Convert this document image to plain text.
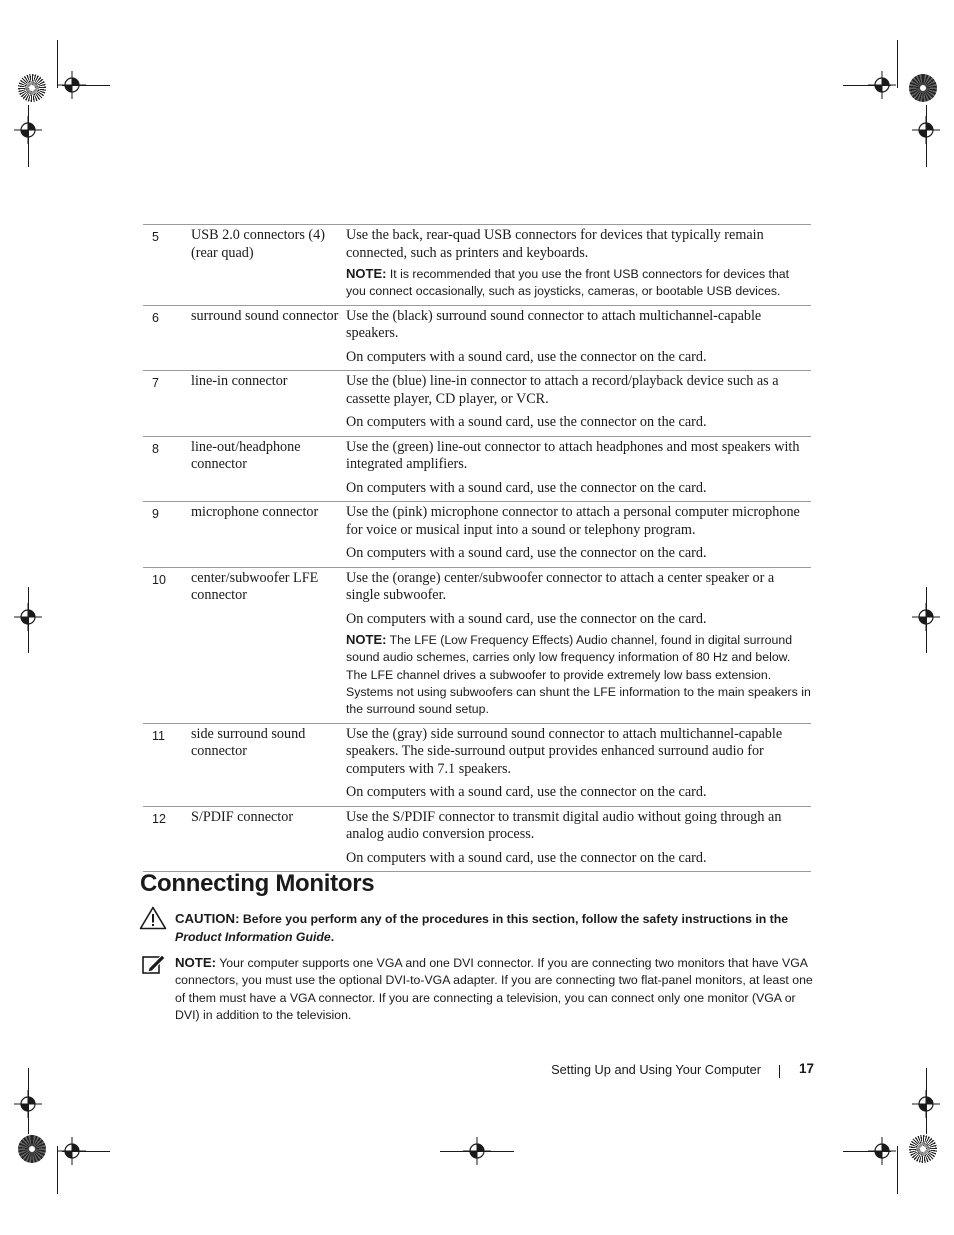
5	USB 2.0 connectors (4) (rear quad)	Use the back, rear-quad USB connectors for devices that typically remain connected, such as printers and keyboards.

NOTE: It is recommended that you use the front USB connectors for devices that you connect occasionally, such as joysticks, cameras, or bootable USB devices.

6	surround sound connector	Use the (black) surround sound connector to attach multichannel-capable speakers.

On computers with a sound card, use the connector on the card.

7	line-in connector	Use the (blue) line-in connector to attach a record/playback device such as a cassette player, CD player, or VCR.

On computers with a sound card, use the connector on the card.

8	line-out/headphone connector	Use the (green) line-out connector to attach headphones and most speakers with integrated amplifiers.

On computers with a sound card, use the connector on the card.

9	microphone connector	Use the (pink) microphone connector to attach a personal computer microphone for voice or musical input into a sound or telephony program.

On computers with a sound card, use the connector on the card.

10	center/subwoofer LFE connector	Use the (orange) center/subwoofer connector to attach a center speaker or a single subwoofer.

On computers with a sound card, use the connector on the card.

NOTE: The LFE (Low Frequency Effects) Audio channel, found in digital surround sound audio schemes, carries only low frequency information of 80 Hz and below. The LFE channel drives a subwoofer to provide extremely low bass extension. Systems not using subwoofers can shunt the LFE information to the main speakers in the surround sound setup.

11	side surround sound connector	Use the (gray) side surround sound connector to attach multichannel-capable speakers. The side-surround output provides enhanced surround audio for computers with 7.1 speakers.

On computers with a sound card, use the connector on the card.

12	S/PDIF connector	Use the S/PDIF connector to transmit digital audio without going through an analog audio conversion process.

On computers with a sound card, use the connector on the card.

Connecting Monitors
CAUTION: Before you perform any of the procedures in this section, follow the safety instructions in the Product Information Guide.
NOTE: Your computer supports one VGA and one DVI connector. If you are connecting two monitors that have VGA connectors, you must use the optional DVI-to-VGA adapter. If you are connecting two flat-panel monitors, at least one of them must have a VGA connector. If you are connecting a television, you can connect only one monitor (VGA or DVI) in addition to the television.
Setting Up and Using Your Computer	17
